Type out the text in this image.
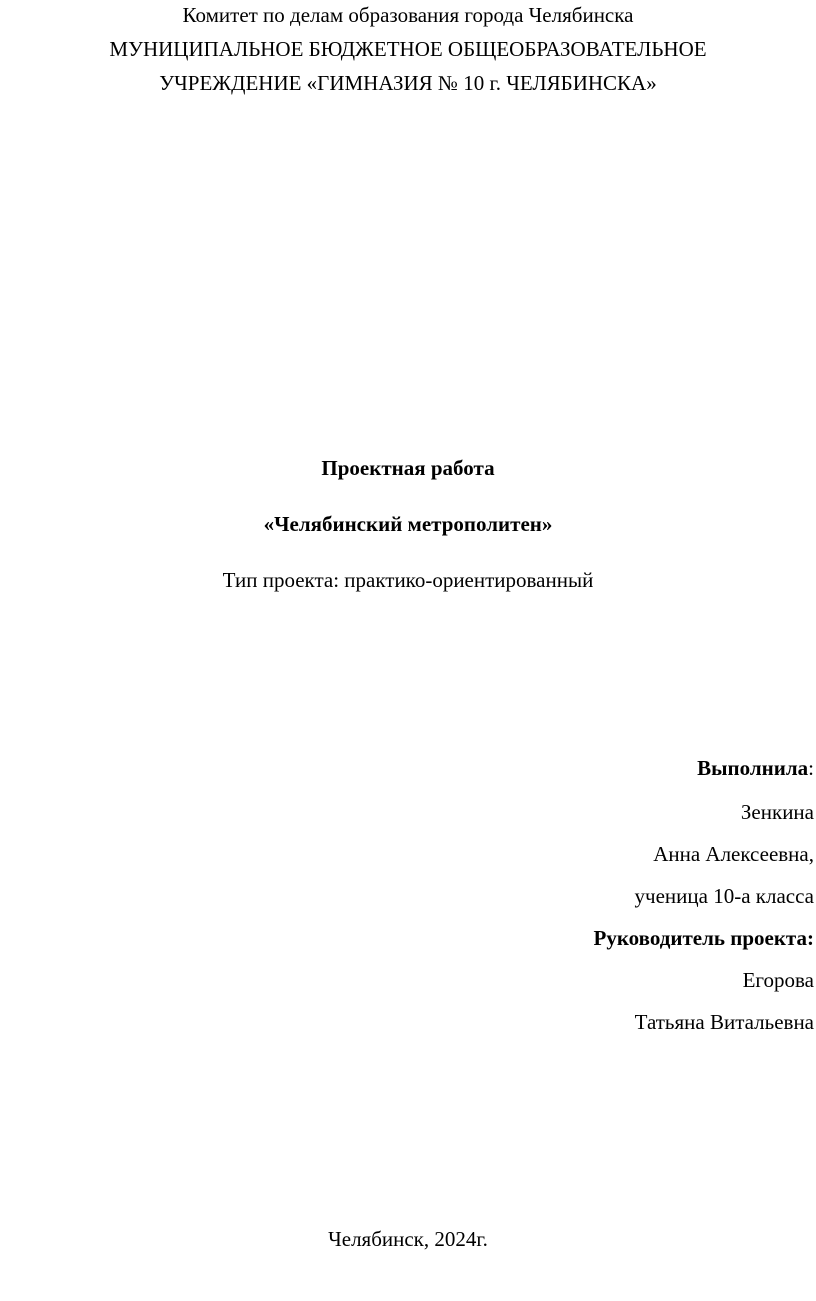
Комитет по делам образования города Челябинска
МУНИЦИПАЛЬНОЕ БЮДЖЕТНОЕ ОБЩЕОБРАЗОВАТЕЛЬНОЕ
УЧРЕЖДЕНИЕ «ГИМНАЗИЯ № 10 г. ЧЕЛЯБИНСКА»
Проектная работа
«Челябинский метрополитен»
Тип проекта: практико-ориентированный
Выполнила:
Зенкина
Анна Алексеевна,
ученица 10-а класса
Руководитель проекта:
Егорова
Татьяна Витальевна
Челябинск, 2024г.
